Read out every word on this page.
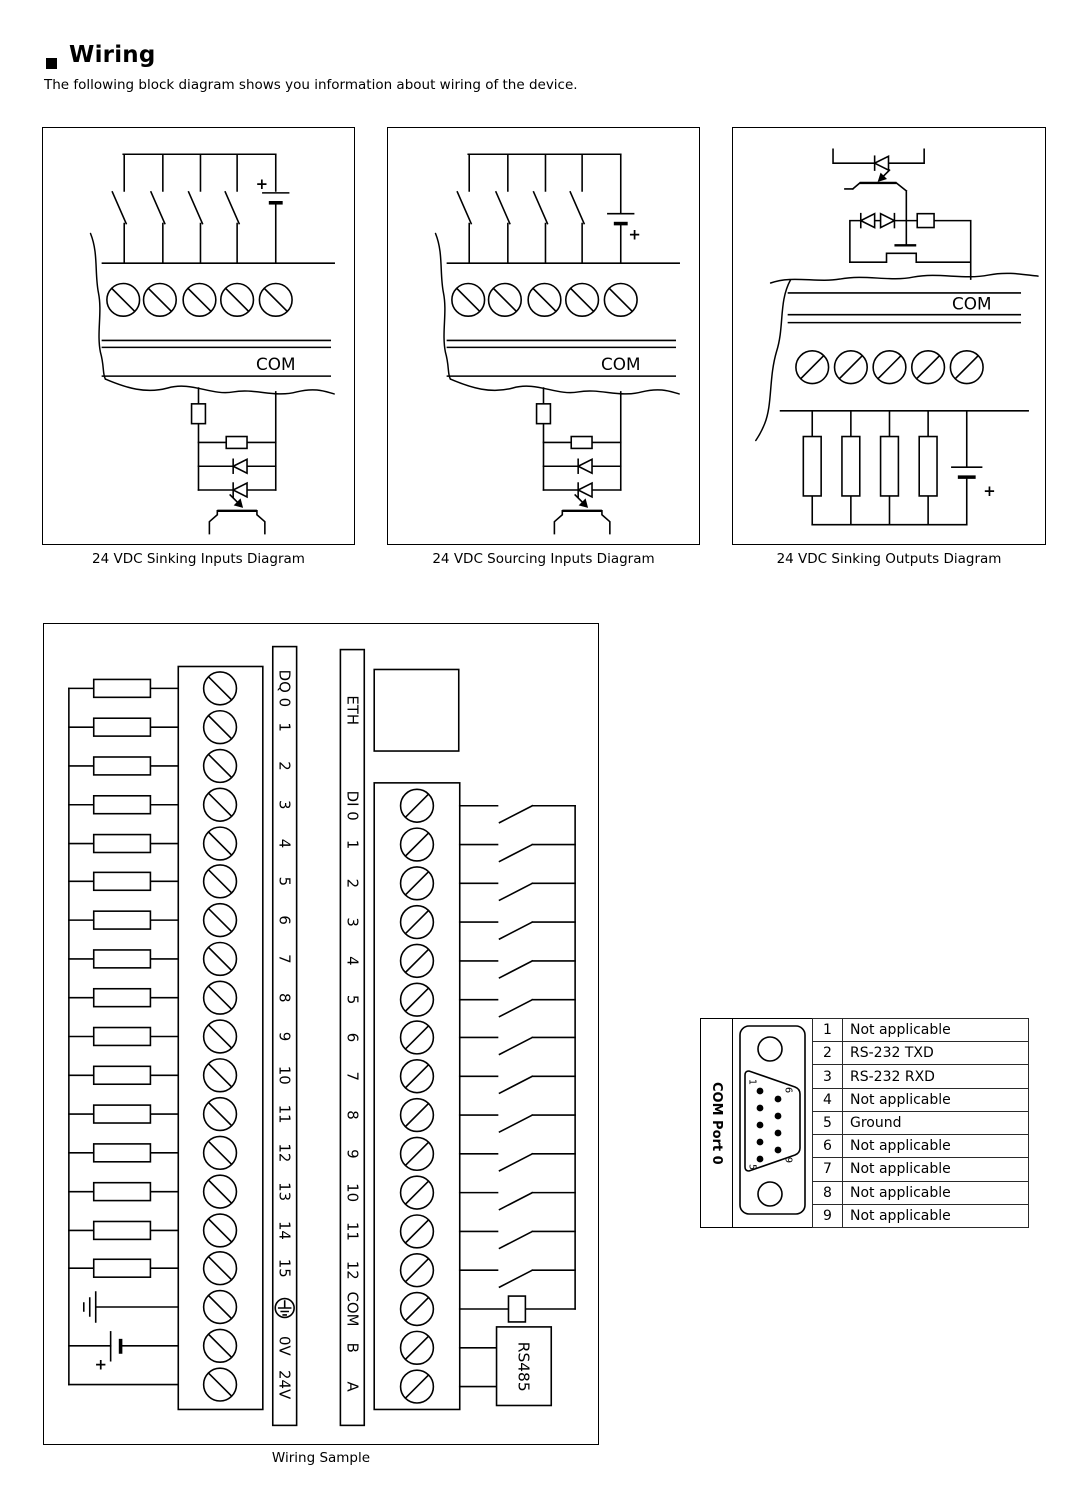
Wiring

The following block diagram shows you information about wiring of the device.

+
COM
24 VDC Sinking Inputs Diagram
+
COM
24 VDC Sourcing Inputs Diagram
COM
+
24 VDC Sinking Outputs Diagram
+
DQ 0
1
2
3
4
5
6
7
8
9
10
11
12
13
14
15
0V
24V
ETH
DI 0
1
2
3
4
5
6
7
8
9
10
11
12
COM
B
A	RS485
Wiring Sample
COM Port 0	1
6
5
9
1	Not applicable
2	RS-232 TXD
3	RS-232 RXD
4	Not applicable
5	Ground
6	Not applicable
7	Not applicable
8	Not applicable
9	Not applicable
